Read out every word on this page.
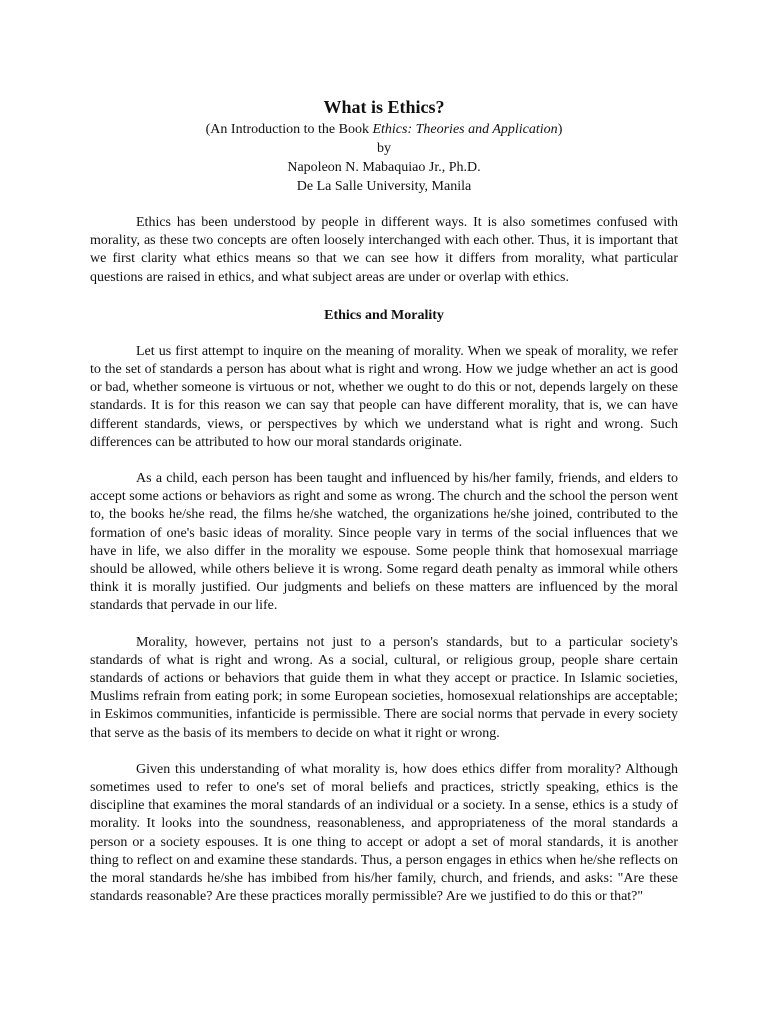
What is Ethics?

(An Introduction to the Book Ethics: Theories and Application)

by

Napoleon N. Mabaquiao Jr., Ph.D.

De La Salle University, Manila

Ethics has been understood by people in different ways. It is also sometimes confused with morality, as these two concepts are often loosely interchanged with each other. Thus, it is important that we first clarity what ethics means so that we can see how it differs from morality, what particular questions are raised in ethics, and what subject areas are under or overlap with ethics.

Ethics and Morality

Let us first attempt to inquire on the meaning of morality. When we speak of morality, we refer to the set of standards a person has about what is right and wrong. How we judge whether an act is good or bad, whether someone is virtuous or not, whether we ought to do this or not, depends largely on these standards. It is for this reason we can say that people can have different morality, that is, we can have different standards, views, or perspectives by which we understand what is right and wrong. Such differences can be attributed to how our moral standards originate.

As a child, each person has been taught and influenced by his/her family, friends, and elders to accept some actions or behaviors as right and some as wrong. The church and the school the person went to, the books he/she read, the films he/she watched, the organizations he/she joined, contributed to the formation of one's basic ideas of morality. Since people vary in terms of the social influences that we have in life, we also differ in the morality we espouse. Some people think that homosexual marriage should be allowed, while others believe it is wrong. Some regard death penalty as immoral while others think it is morally justified. Our judgments and beliefs on these matters are influenced by the moral standards that pervade in our life.

Morality, however, pertains not just to a person's standards, but to a particular society's standards of what is right and wrong. As a social, cultural, or religious group, people share certain standards of actions or behaviors that guide them in what they accept or practice. In Islamic societies, Muslims refrain from eating pork; in some European societies, homosexual relationships are acceptable; in Eskimos communities, infanticide is permissible. There are social norms that pervade in every society that serve as the basis of its members to decide on what it right or wrong.

Given this understanding of what morality is, how does ethics differ from morality? Although sometimes used to refer to one's set of moral beliefs and practices, strictly speaking, ethics is the discipline that examines the moral standards of an individual or a society. In a sense, ethics is a study of morality. It looks into the soundness, reasonableness, and appropriateness of the moral standards a person or a society espouses. It is one thing to accept or adopt a set of moral standards, it is another thing to reflect on and examine these standards. Thus, a person engages in ethics when he/she reflects on the moral standards he/she has imbibed from his/her family, church, and friends, and asks: "Are these standards reasonable? Are these practices morally permissible? Are we justified to do this or that?"
